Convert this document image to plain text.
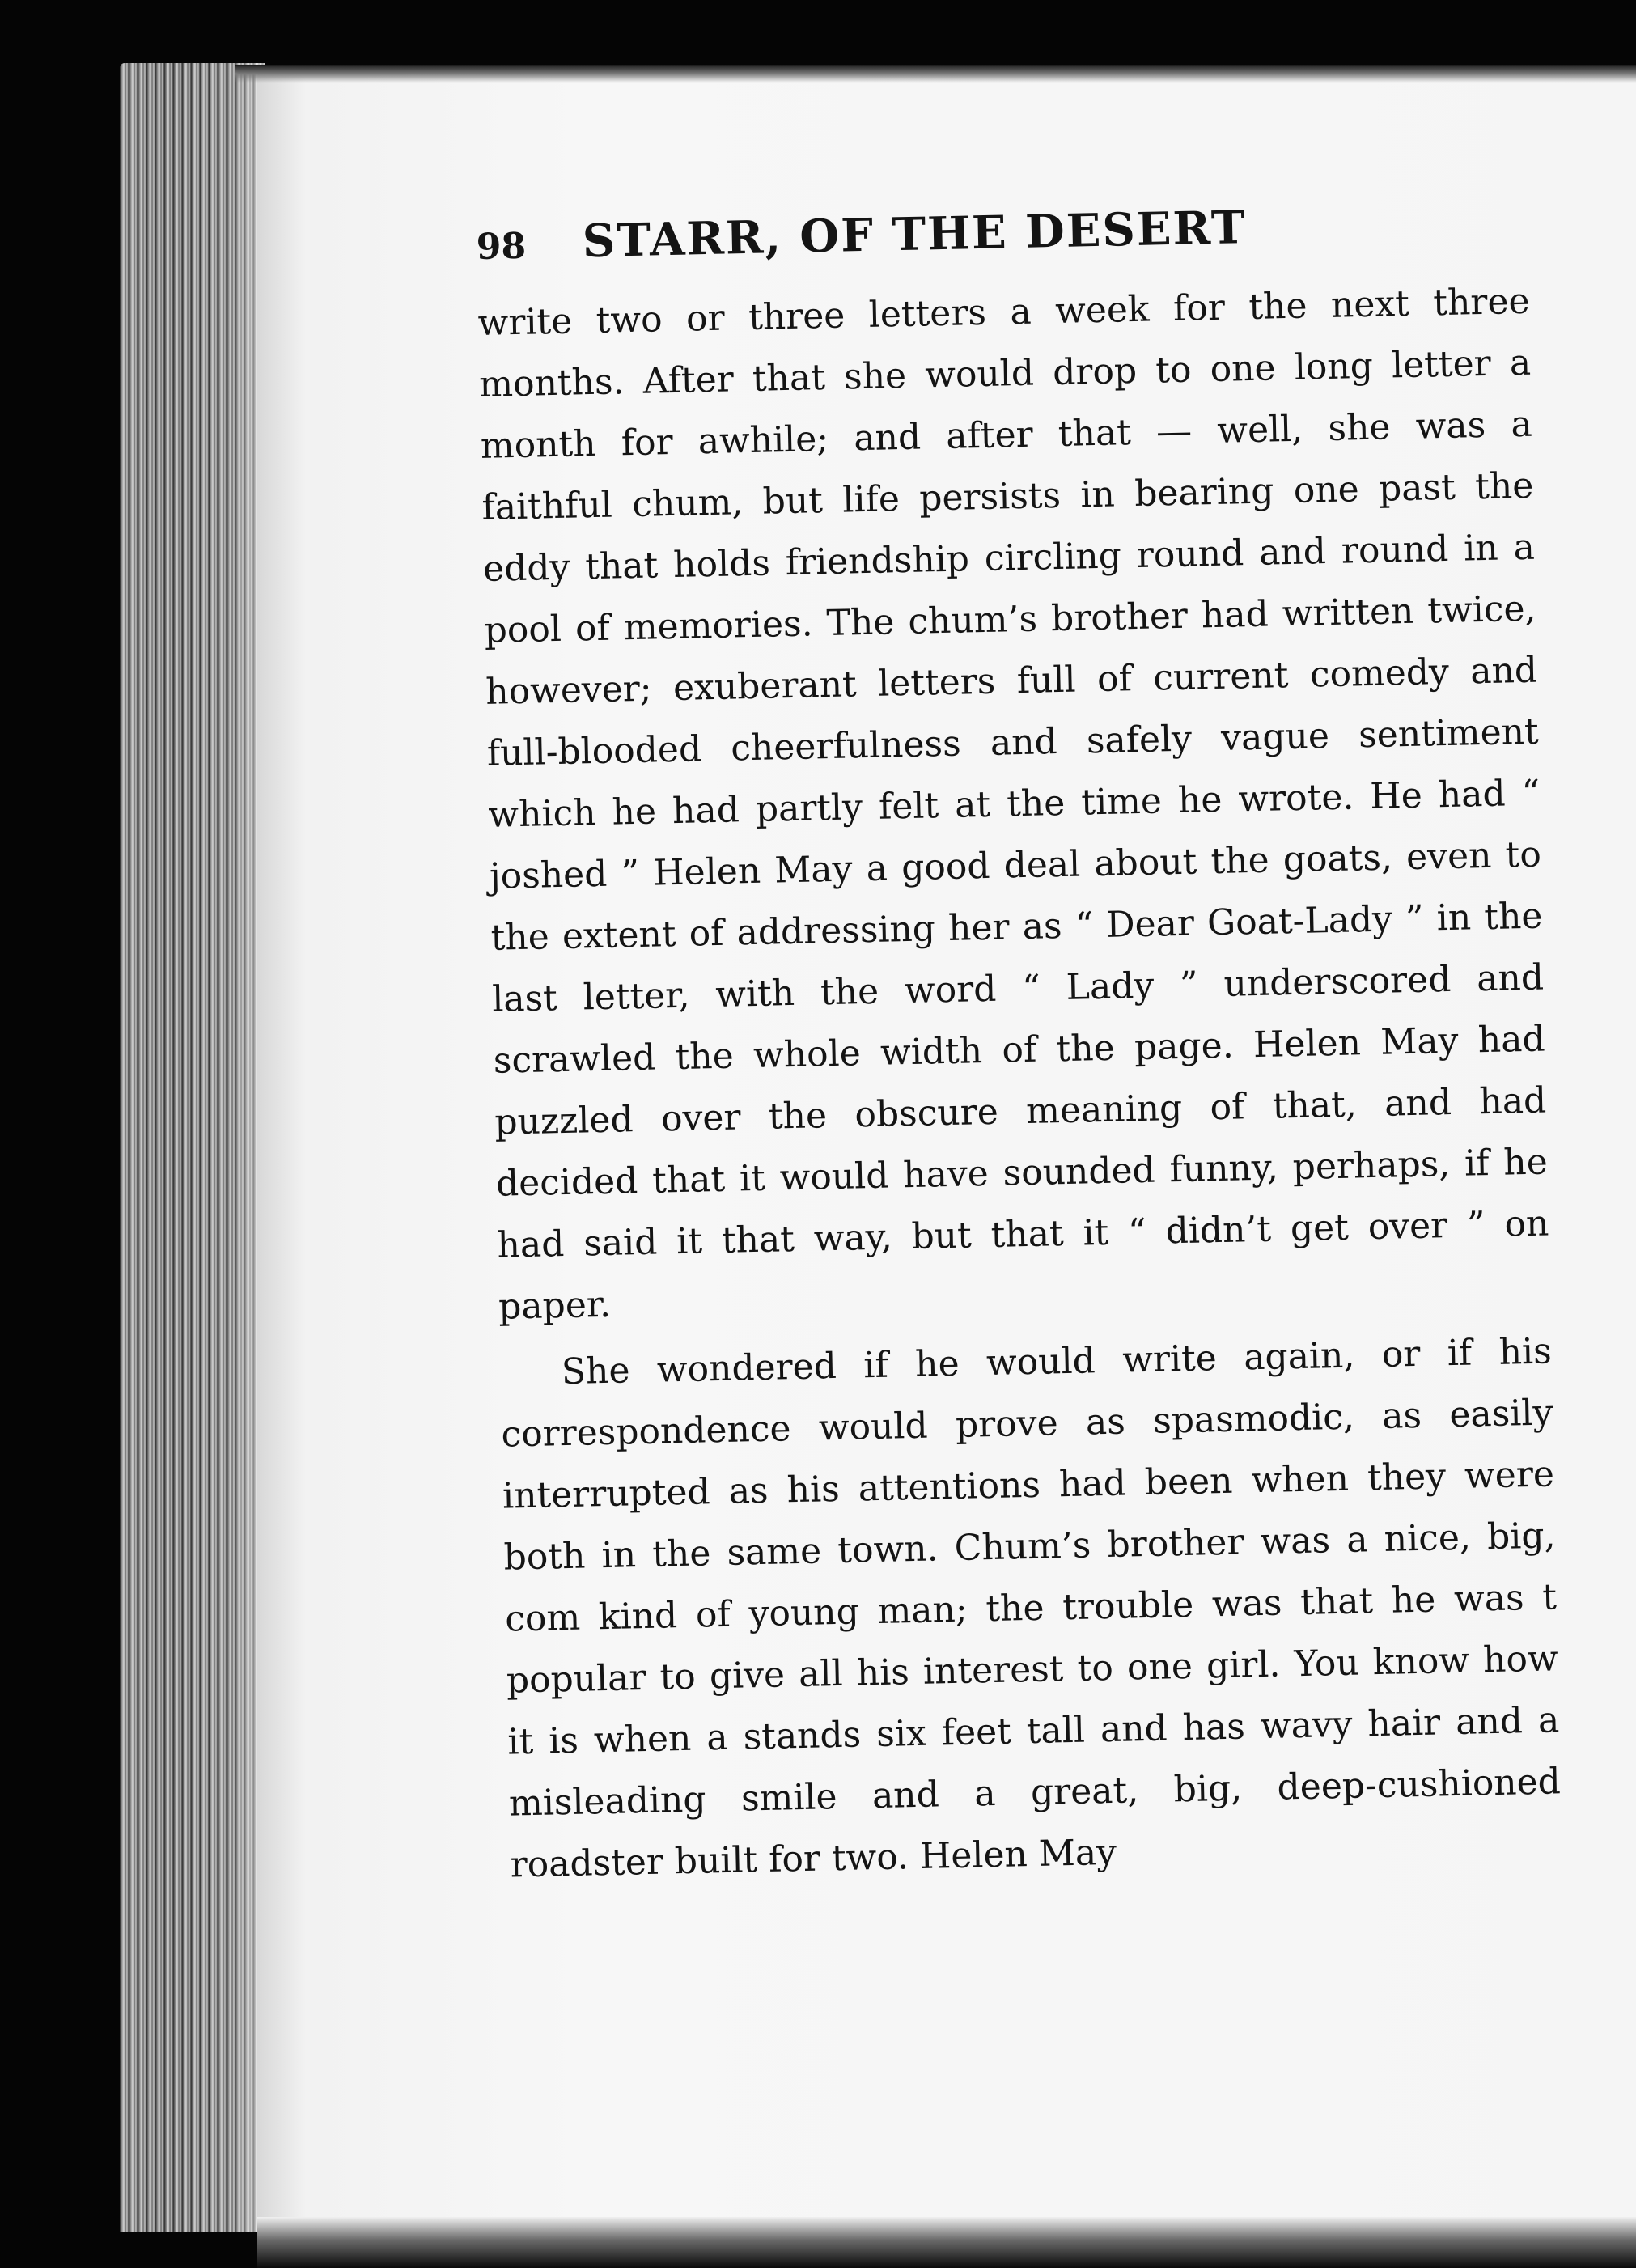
98 STARR, OF THE DESERT

write two or three letters a week for the next three months. After that she would drop to one long letter a month for awhile; and after that — well, she was a faithful chum, but life persists in bearing one past the eddy that holds friendship circling round and round in a pool of memories. The chum’s brother had written twice, however; exuberant letters full of current comedy and full-blooded cheerfulness and safely vague sentiment which he had partly felt at the time he wrote. He had “ joshed ” Helen May a good deal about the goats, even to the extent of addressing her as “ Dear Goat-Lady ” in the last letter, with the word “ Lady ” underscored and scrawled the whole width of the page. Helen May had puzzled over the obscure meaning of that, and had decided that it would have sounded funny, perhaps, if he had said it that way, but that it “ didn’t get over ” on paper.

She wondered if he would write again, or if his correspondence would prove as spasmodic, as easily interrupted as his attentions had been when they were both in the same town. Chum’s brother was a nice, big, com kind of young man; the trouble was that he was t popular to give all his interest to one girl. You know how it is when a stands six feet tall and has wavy hair and a misleading smile and a great, big, deep-cushioned roadster built for two. Helen May
